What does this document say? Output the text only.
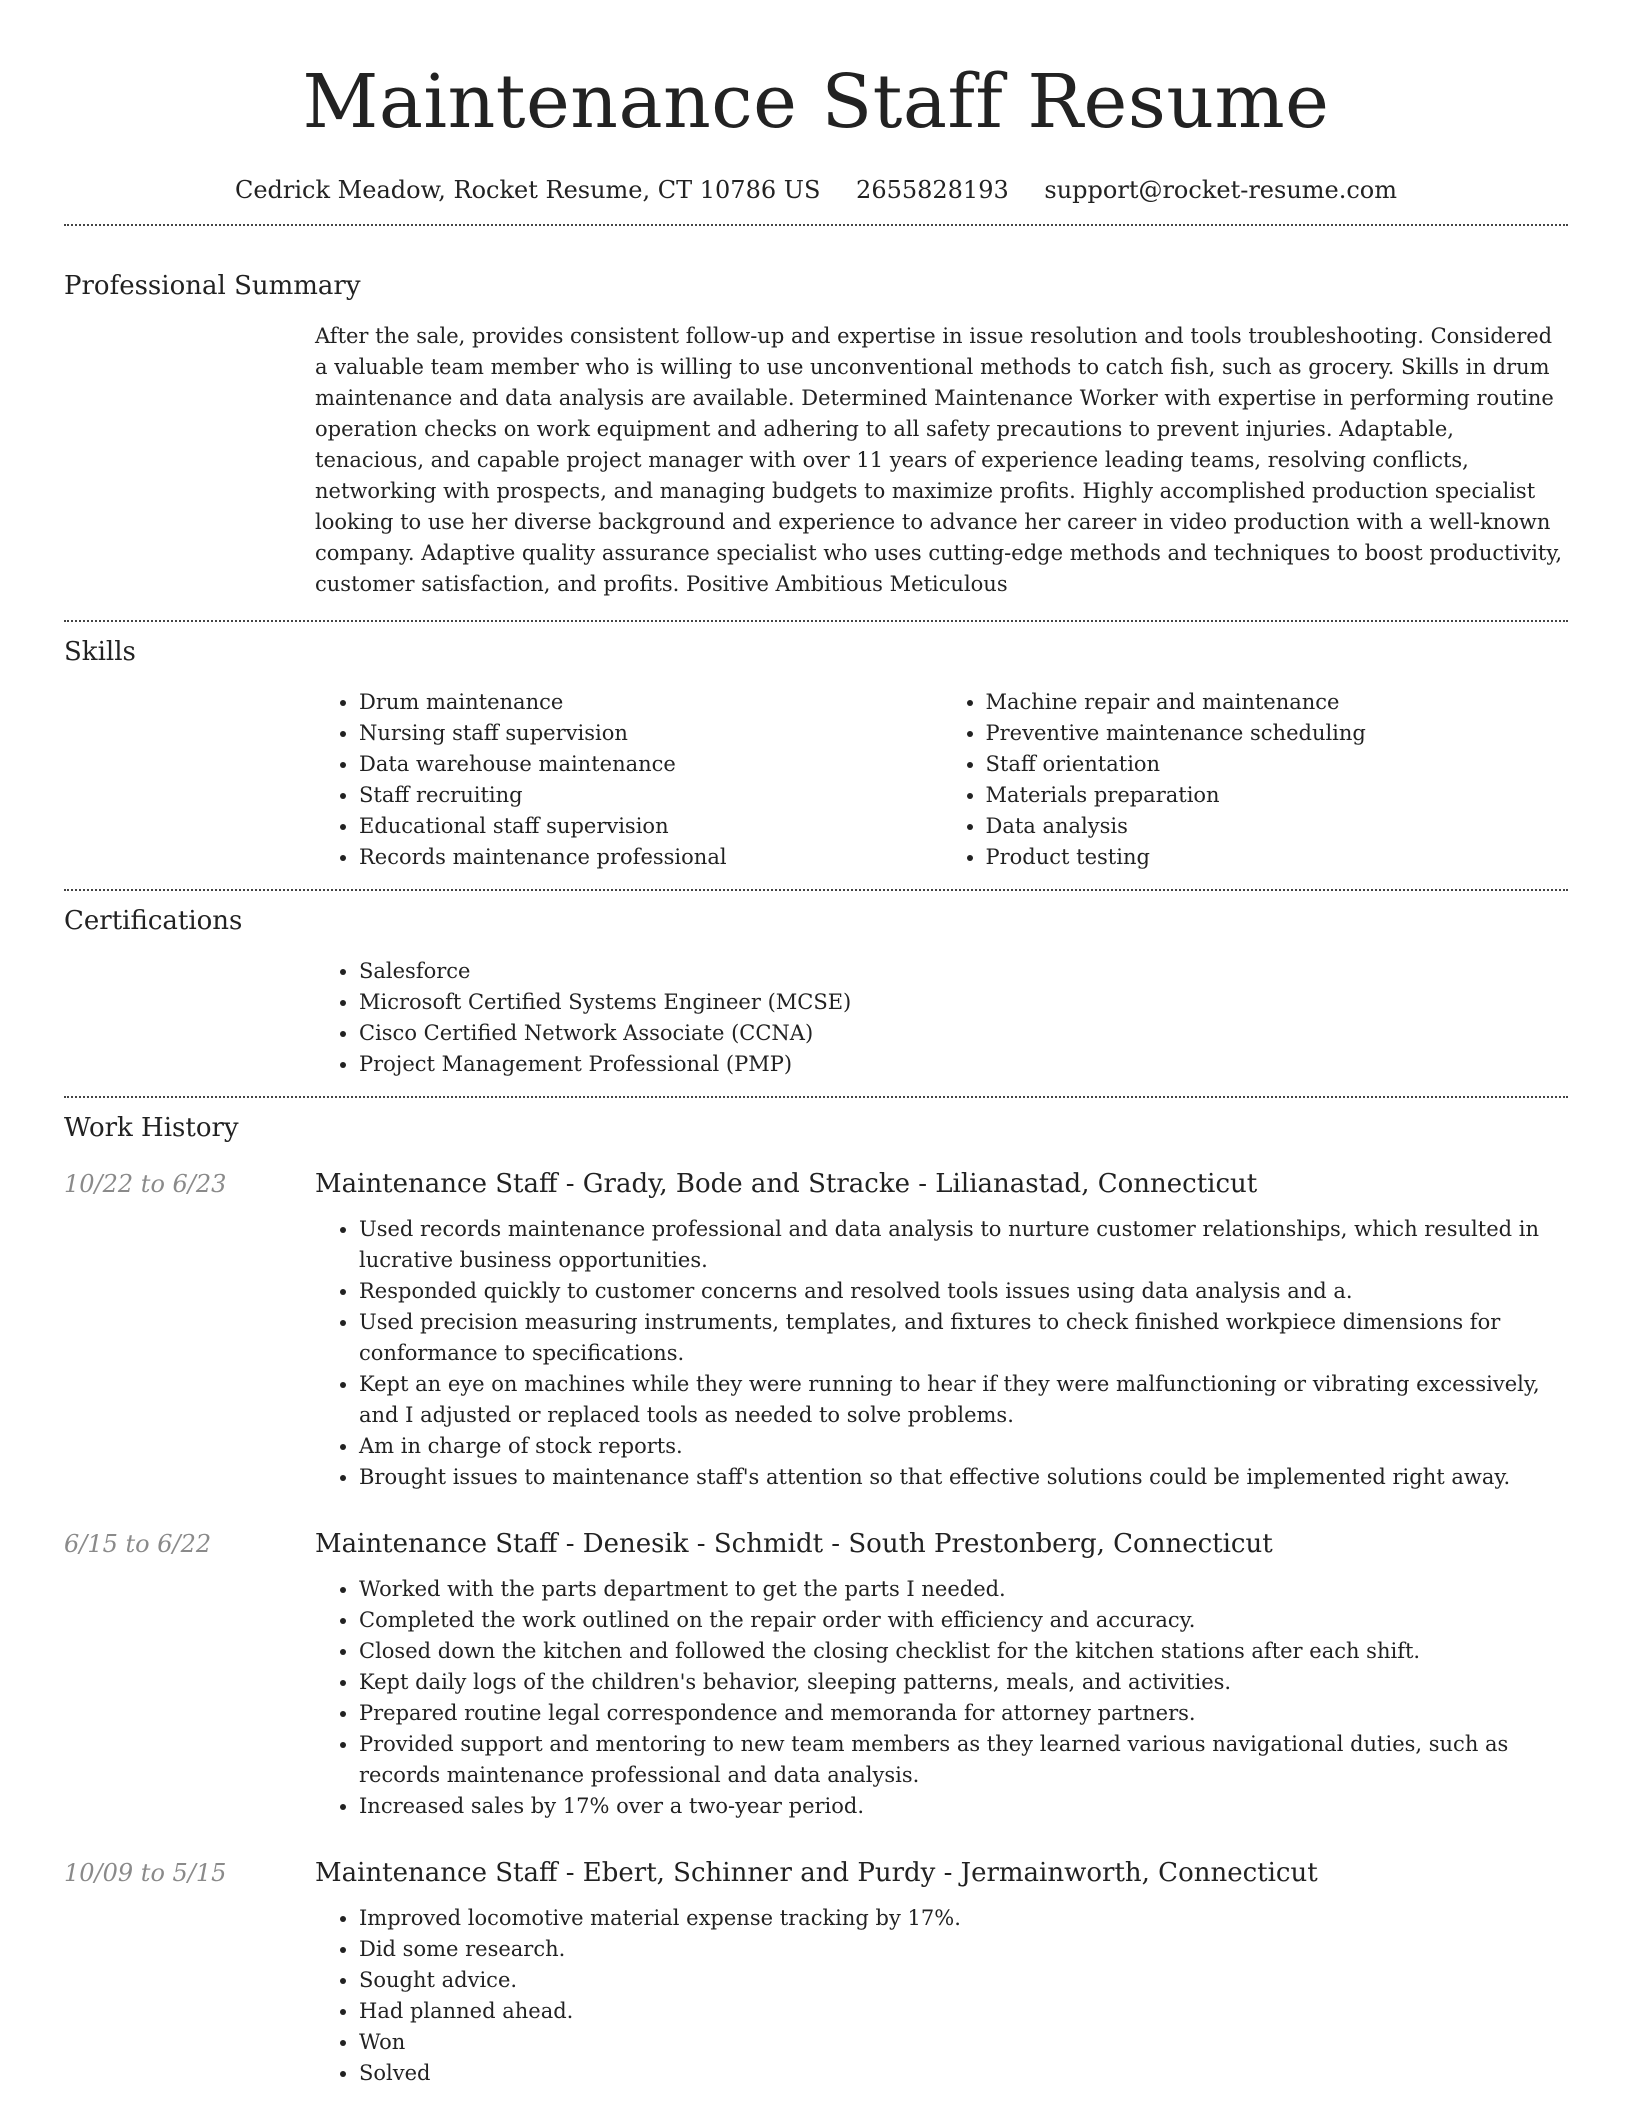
Maintenance Staff Resume
Cedrick Meadow, Rocket Resume, CT 10786 US 2655828193 support@rocket-resume.com
Professional Summary
After the sale, provides consistent follow-up and expertise in issue resolution and tools troubleshooting. Considered a valuable team member who is willing to use unconventional methods to catch fish, such as grocery. Skills in drum maintenance and data analysis are available. Determined Maintenance Worker with expertise in performing routine operation checks on work equipment and adhering to all safety precautions to prevent injuries. Adaptable, tenacious, and capable project manager with over 11 years of experience leading teams, resolving conflicts, networking with prospects, and managing budgets to maximize profits. Highly accomplished production specialist looking to use her diverse background and experience to advance her career in video production with a well-known company. Adaptive quality assurance specialist who uses cutting-edge methods and techniques to boost productivity, customer satisfaction, and profits. Positive Ambitious Meticulous
Skills
• Drum maintenance
• Nursing staff supervision
• Data warehouse maintenance
• Staff recruiting
• Educational staff supervision
• Records maintenance professional
• Machine repair and maintenance
• Preventive maintenance scheduling
• Staff orientation
• Materials preparation
• Data analysis
• Product testing
Certifications
• Salesforce
• Microsoft Certified Systems Engineer (MCSE)
• Cisco Certified Network Associate (CCNA)
• Project Management Professional (PMP)
Work History
10/22 to 6/23	Maintenance Staff - Grady, Bode and Stracke - Lilianastad, Connecticut
• Used records maintenance professional and data analysis to nurture customer relationships, which resulted in lucrative business opportunities.
• Responded quickly to customer concerns and resolved tools issues using data analysis and a.
• Used precision measuring instruments, templates, and fixtures to check finished workpiece dimensions for conformance to specifications.
• Kept an eye on machines while they were running to hear if they were malfunctioning or vibrating excessively, and I adjusted or replaced tools as needed to solve problems.
• Am in charge of stock reports.
• Brought issues to maintenance staff's attention so that effective solutions could be implemented right away.
6/15 to 6/22	Maintenance Staff - Denesik - Schmidt - South Prestonberg, Connecticut
• Worked with the parts department to get the parts I needed.
• Completed the work outlined on the repair order with efficiency and accuracy.
• Closed down the kitchen and followed the closing checklist for the kitchen stations after each shift.
• Kept daily logs of the children's behavior, sleeping patterns, meals, and activities.
• Prepared routine legal correspondence and memoranda for attorney partners.
• Provided support and mentoring to new team members as they learned various navigational duties, such as records maintenance professional and data analysis.
• Increased sales by 17% over a two-year period.
10/09 to 5/15	Maintenance Staff - Ebert, Schinner and Purdy - Jermainworth, Connecticut
• Improved locomotive material expense tracking by 17%.
• Did some research.
• Sought advice.
• Had planned ahead.
• Won
• Solved
